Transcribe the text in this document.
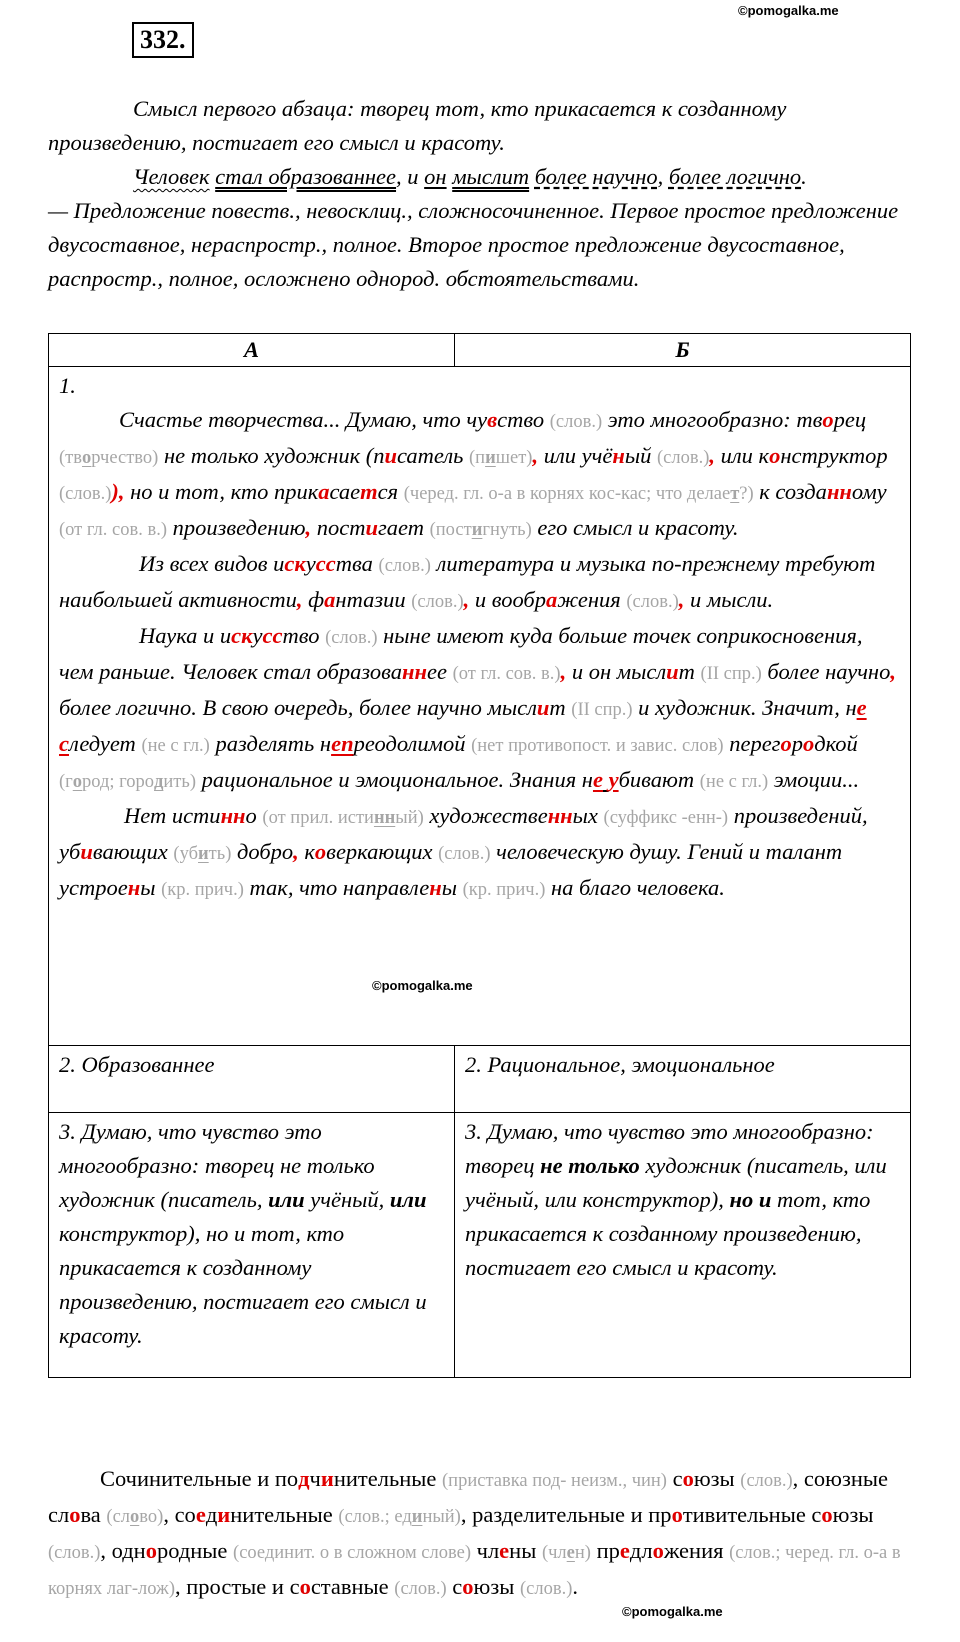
©pomogalka.me
332.

Смысл первого абзаца: творец тот, кто прикасается к созданному произведению, постигает его смысл и красоту.

Человек стал образованнее, и он мыслит более научно, более логично.

— Предложение повеств., невосклиц., сложносочиненное. Первое простое предложение двусоставное, нераспростр., полное. Второе простое предложение двусоставное, распростр., полное, осложнено однород. обстоятельствами.

А	Б

1.

Счастье творчества... Думаю, что чувство (слов.) это многообразно: творец (творчество) не только художник (писатель (пишет), или учёный (слов.), или конструктор (слов.)), но и тот, кто прикасается (черед. гл. о-а в корнях кос-кас; что делает?) к созданному (от гл. сов. в.) произведению, постигает (постигнуть) его смысл и красоту.

Из всех видов искусства (слов.) литература и музыка по-прежнему требуют наибольшей активности, фантазии (слов.), и воображения (слов.), и мысли.

Наука и искусство (слов.) ныне имеют куда больше точек соприкосновения, чем раньше. Человек стал образованнее (от гл. сов. в.), и он мыслит (II спр.) более научно, более логично. В свою очередь, более научно мыслит (II спр.) и художник. Значит, не следует (не с гл.) разделять непреодолимой (нет противопост. и завис. слов) перегородкой (город; городить) рациональное и эмоциональное. Знания не убивают (не с гл.) эмоции...

Нет истинно (от прил. истинный) художественных (суффикс -енн-) произведений, убивающих (убить) добро, коверкающих (слов.) человеческую душу. Гений и талант устроены (кр. прич.) так, что направлены (кр. прич.) на благо человека.	

2. Образованнее	2. Рациональное, эмоциональное
3. Думаю, что чувство это многообразно: творец не только художник (писатель, или учёный, или конструктор), но и тот, кто прикасается к созданному произведению, постигает его смысл и красоту.	3. Думаю, что чувство это многообразно: творец не только художник (писатель, или учёный, или конструктор), но и тот, кто прикасается к созданному произведению, постигает его смысл и красоту.
©pomogalka.me

Сочинительные и подчинительные (приставка под- неизм., чин) союзы (слов.), союзные слова (слово), соединительные (слов.; единый), разделительные и противительные союзы (слов.), однородные (соединит. о в сложном слове) члены (член) предложения (слов.; черед. гл. о-а в корнях лаг-лож), простые и составные (слов.) союзы (слов.).

©pomogalka.me
